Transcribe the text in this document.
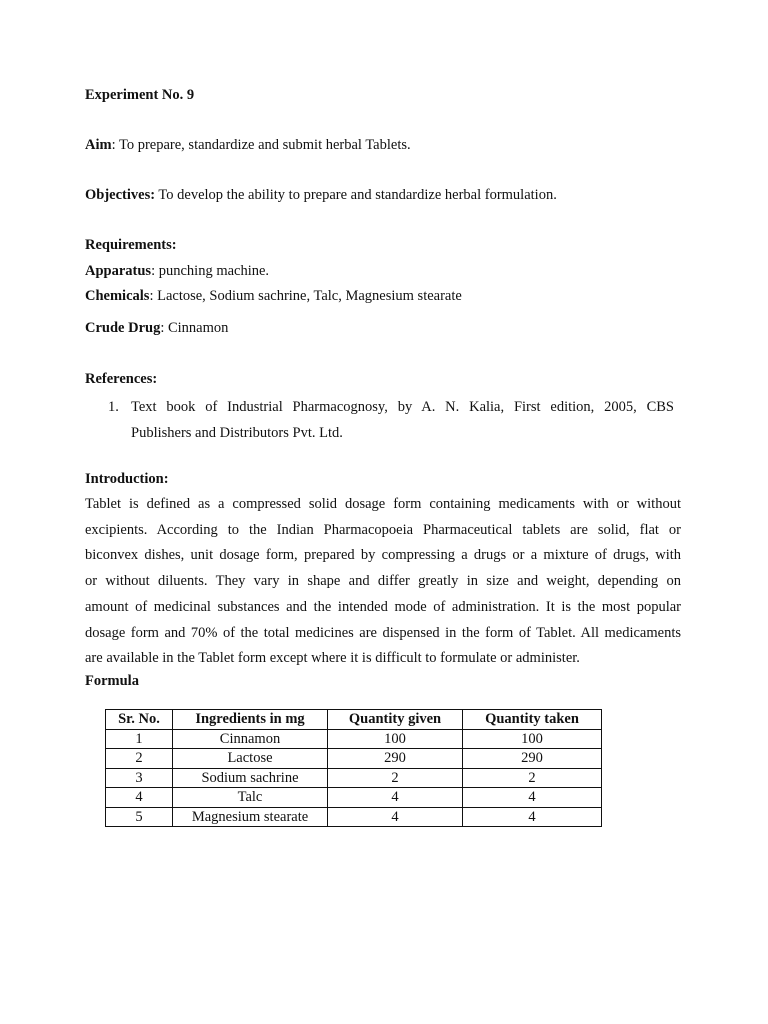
Experiment No. 9
Aim: To prepare, standardize and submit herbal Tablets.
Objectives: To develop the ability to prepare and standardize herbal formulation.
Requirements:
Apparatus: punching machine.
Chemicals: Lactose, Sodium sachrine, Talc, Magnesium stearate
Crude Drug: Cinnamon
References:
1. Text book of Industrial Pharmacognosy, by A. N. Kalia, First edition, 2005, CBS
Publishers and Distributors Pvt. Ltd.
Introduction:
Tablet is defined as a compressed solid dosage form containing medicaments with or without
excipients. According to the Indian Pharmacopoeia Pharmaceutical tablets are solid, flat or
biconvex dishes, unit dosage form, prepared by compressing a drugs or a mixture of drugs, with
or without diluents. They vary in shape and differ greatly in size and weight, depending on
amount of medicinal substances and the intended mode of administration. It is the most popular
dosage form and 70% of the total medicines are dispensed in the form of Tablet. All medicaments
are available in the Tablet form except where it is difficult to formulate or administer.
Formula
Sr. No.	Ingredients in mg	Quantity given	Quantity taken
1	Cinnamon	100	100
2	Lactose	290	290
3	Sodium sachrine	2	2
4	Talc	4	4
5	Magnesium stearate	4	4
